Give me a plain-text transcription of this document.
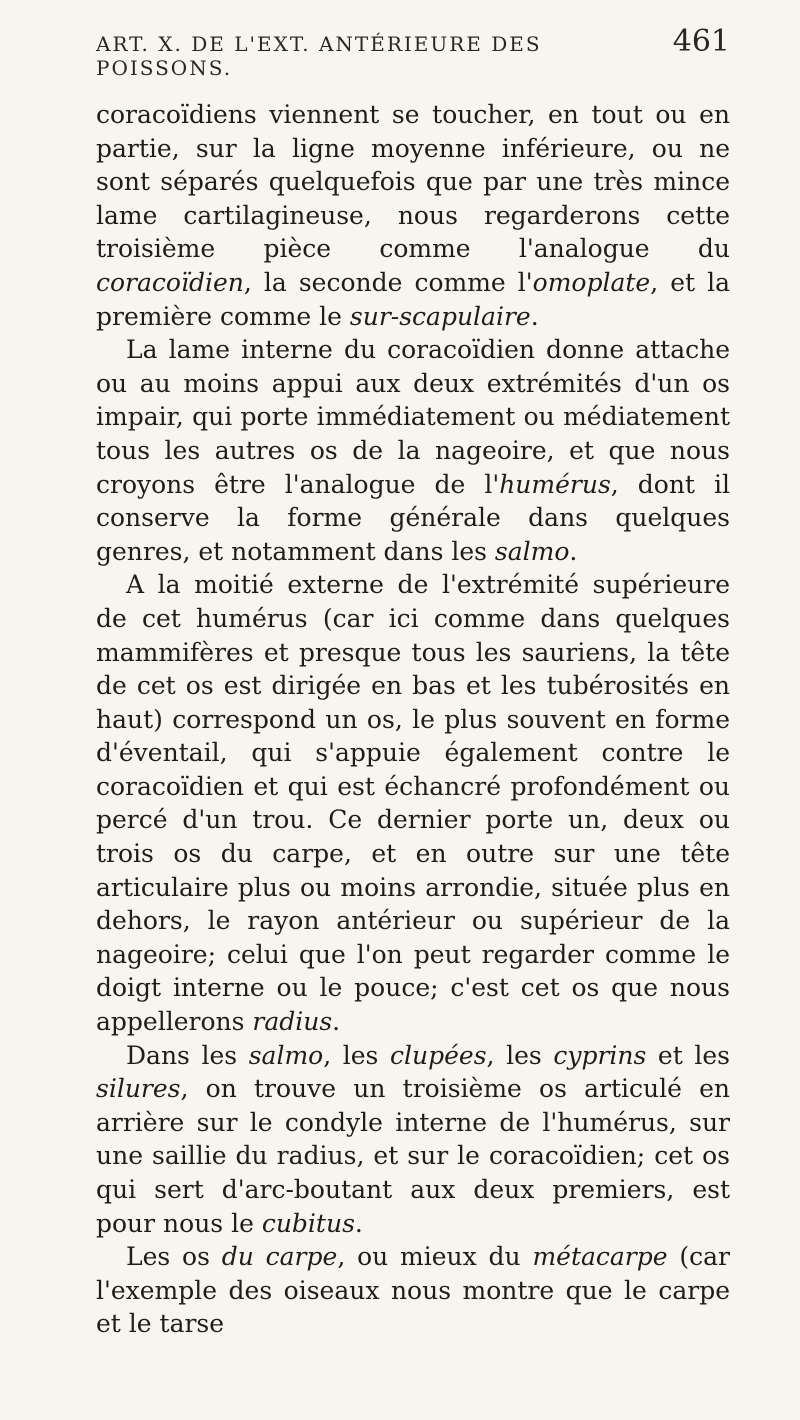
ART. X. DE L'EXT. ANTÉRIEURE DES POISSONS.
461

coracoïdiens viennent se toucher, en tout ou en partie, sur la ligne moyenne inférieure, ou ne sont séparés quelquefois que par une très mince lame cartilagineuse, nous regarderons cette troisième pièce comme l'analogue du coracoïdien, la seconde comme l'omoplate, et la première comme le sur-scapulaire.

La lame interne du coracoïdien donne attache ou au moins appui aux deux extrémités d'un os impair, qui porte immédiatement ou médiatement tous les autres os de la nageoire, et que nous croyons être l'analogue de l'humérus, dont il conserve la forme générale dans quelques genres, et notamment dans les salmo.

A la moitié externe de l'extrémité supérieure de cet humérus (car ici comme dans quelques mammifères et presque tous les sauriens, la tête de cet os est dirigée en bas et les tubérosités en haut) correspond un os, le plus souvent en forme d'éventail, qui s'appuie également contre le coracoïdien et qui est échancré profondément ou percé d'un trou. Ce dernier porte un, deux ou trois os du carpe, et en outre sur une tête articulaire plus ou moins arrondie, située plus en dehors, le rayon antérieur ou supérieur de la nageoire; celui que l'on peut regarder comme le doigt interne ou le pouce; c'est cet os que nous appellerons radius.

Dans les salmo, les clupées, les cyprins et les silures, on trouve un troisième os articulé en arrière sur le condyle interne de l'humérus, sur une saillie du radius, et sur le coracoïdien; cet os qui sert d'arc-boutant aux deux premiers, est pour nous le cubitus.

Les os du carpe, ou mieux du métacarpe (car l'exemple des oiseaux nous montre que le carpe et le tarse
